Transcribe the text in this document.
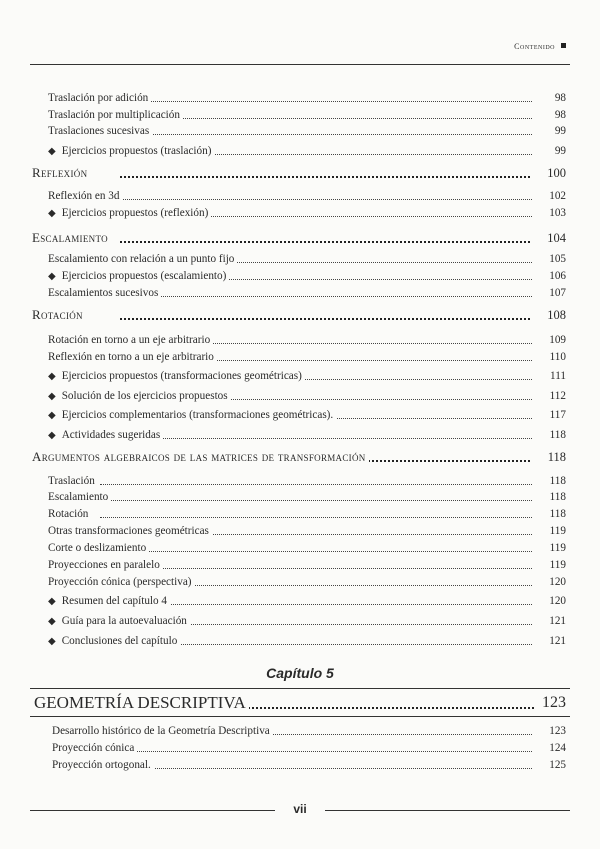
Contenido
Traslación por adición	98
Traslación por multiplicación	98
Traslaciones sucesivas	99
◆ Ejercicios propuestos (traslación)	99
Reflexión	100
Reflexión en 3d	102
◆ Ejercicios propuestos (reflexión)	103
Escalamiento	104
Escalamiento con relación a un punto fijo	105
◆ Ejercicios propuestos (escalamiento)	106
Escalamientos sucesivos	107
Rotación	108
Rotación en torno a un eje arbitrario	109
Reflexión en torno a un eje arbitrario	110
◆ Ejercicios propuestos (transformaciones geométricas)	111
◆ Solución de los ejercicios propuestos	112
◆ Ejercicios complementarios (transformaciones geométricas).	117
◆ Actividades sugeridas	118
Argumentos algebraicos de las matrices de transformación	118
Traslación	118
Escalamiento	118
Rotación	118
Otras transformaciones geométricas	119
Corte o deslizamiento	119
Proyecciones en paralelo	119
Proyección cónica (perspectiva)	120
◆ Resumen del capítulo 4	120
◆ Guía para la autoevaluación	121
◆ Conclusiones del capítulo	121
Capítulo 5
GEOMETRÍA DESCRIPTIVA	123
Desarrollo histórico de la Geometría Descriptiva	123
Proyección cónica	124
Proyección ortogonal.	125
vii
